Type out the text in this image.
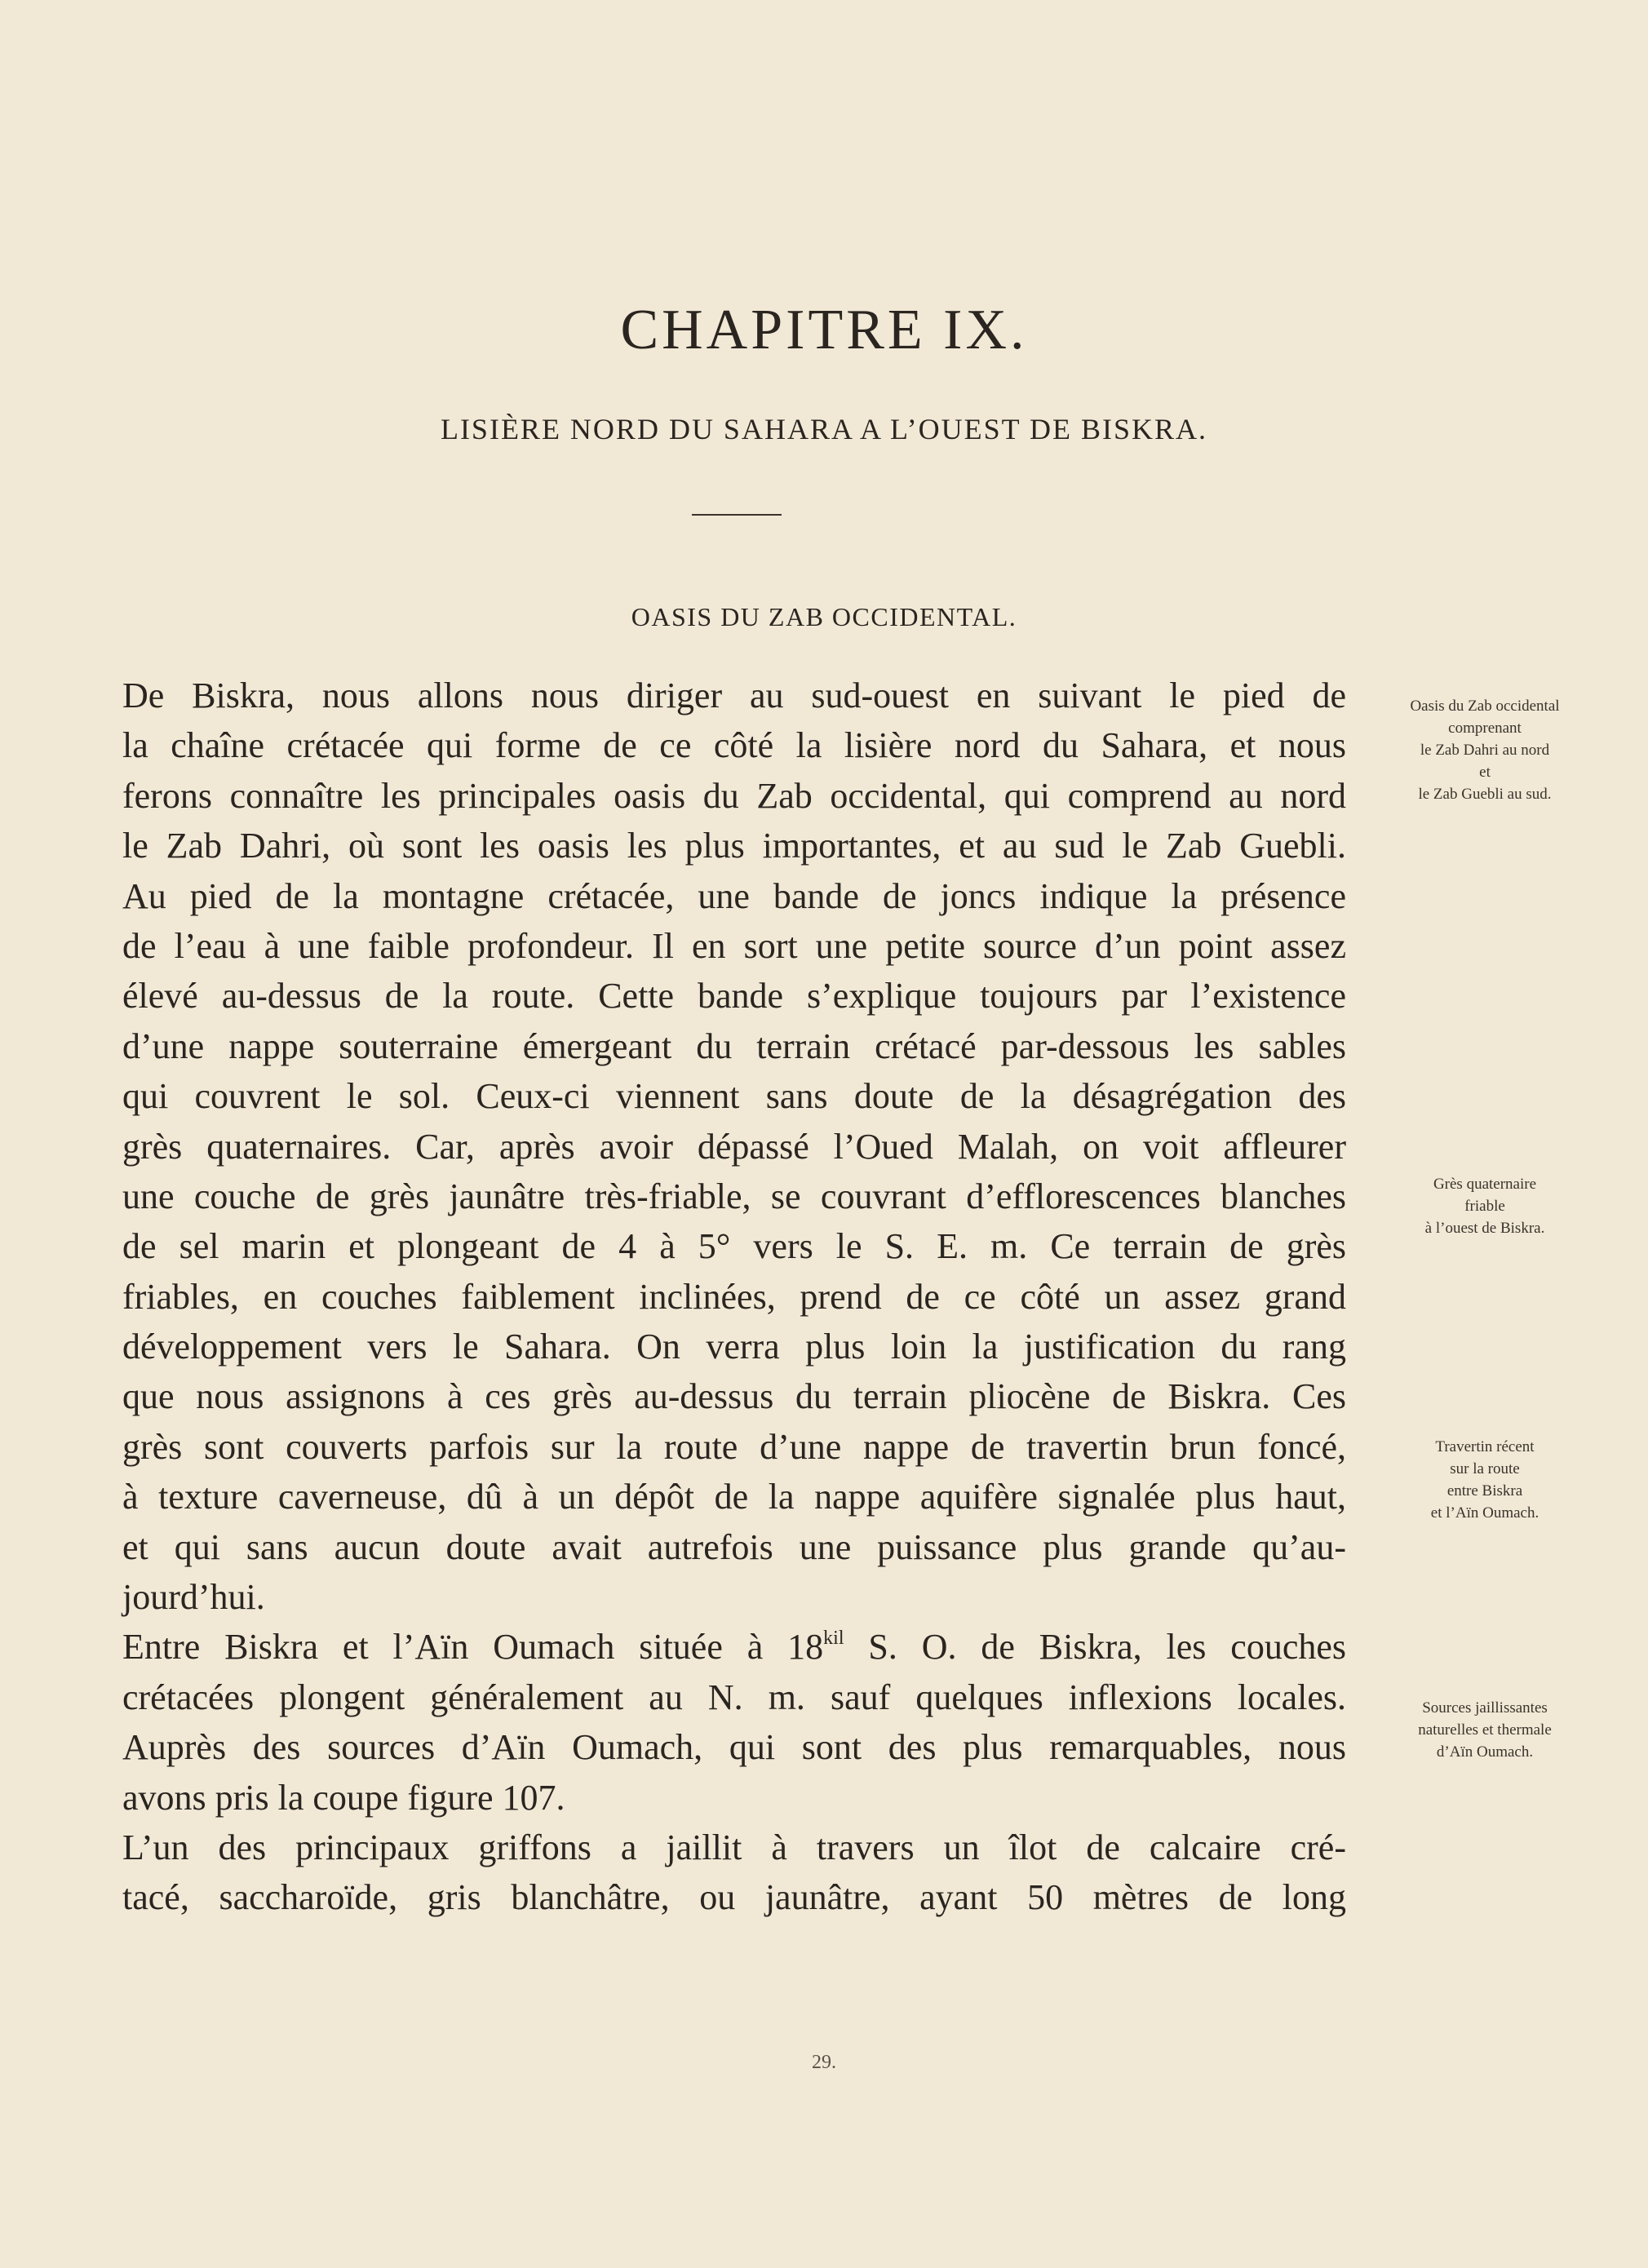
CHAPITRE IX.
LISIÈRE NORD DU SAHARA A L’OUEST DE BISKRA.
OASIS DU ZAB OCCIDENTAL.
De Biskra, nous allons nous diriger au sud-ouest en suivant le pied de
la chaîne crétacée qui forme de ce côté la lisière nord du Sahara, et nous
ferons connaître les principales oasis du Zab occidental, qui comprend au nord
le Zab Dahri, où sont les oasis les plus importantes, et au sud le Zab Guebli.
Au pied de la montagne crétacée, une bande de joncs indique la présence
de l’eau à une faible profondeur. Il en sort une petite source d’un point assez
élevé au-dessus de la route. Cette bande s’explique toujours par l’existence
d’une nappe souterraine émergeant du terrain crétacé par-dessous les sables
qui couvrent le sol. Ceux-ci viennent sans doute de la désagrégation des
grès quaternaires. Car, après avoir dépassé l’Oued Malah, on voit affleurer
une couche de grès jaunâtre très-friable, se couvrant d’efflorescences blanches
de sel marin et plongeant de 4 à 5° vers le S. E. m. Ce terrain de grès
friables, en couches faiblement inclinées, prend de ce côté un assez grand
développement vers le Sahara. On verra plus loin la justification du rang
que nous assignons à ces grès au-dessus du terrain pliocène de Biskra. Ces
grès sont couverts parfois sur la route d’une nappe de travertin brun foncé,
à texture caverneuse, dû à un dépôt de la nappe aquifère signalée plus haut,
et qui sans aucun doute avait autrefois une puissance plus grande qu’au-
jourd’hui.
Entre Biskra et l’Aïn Oumach située à $18^{kil}$ S. O. de Biskra, les couches
crétacées plongent généralement au N. m. sauf quelques inflexions locales.
Auprès des sources d’Aïn Oumach, qui sont des plus remarquables, nous
avons pris la coupe figure 107.
L’un des principaux griffons a jaillit à travers un îlot de calcaire cré-
tacé, saccharoïde, gris blanchâtre, ou jaunâtre, ayant 50 mètres de long
Oasis du Zab occidental
comprenant
le Zab Dahri au nord
et
le Zab Guebli au sud.
Grès quaternaire
friable
à l’ouest de Biskra.
Travertin récent
sur la route
entre Biskra
et l’Aïn Oumach.
Sources jaillissantes
naturelles et thermale
d’Aïn Oumach.
29.
